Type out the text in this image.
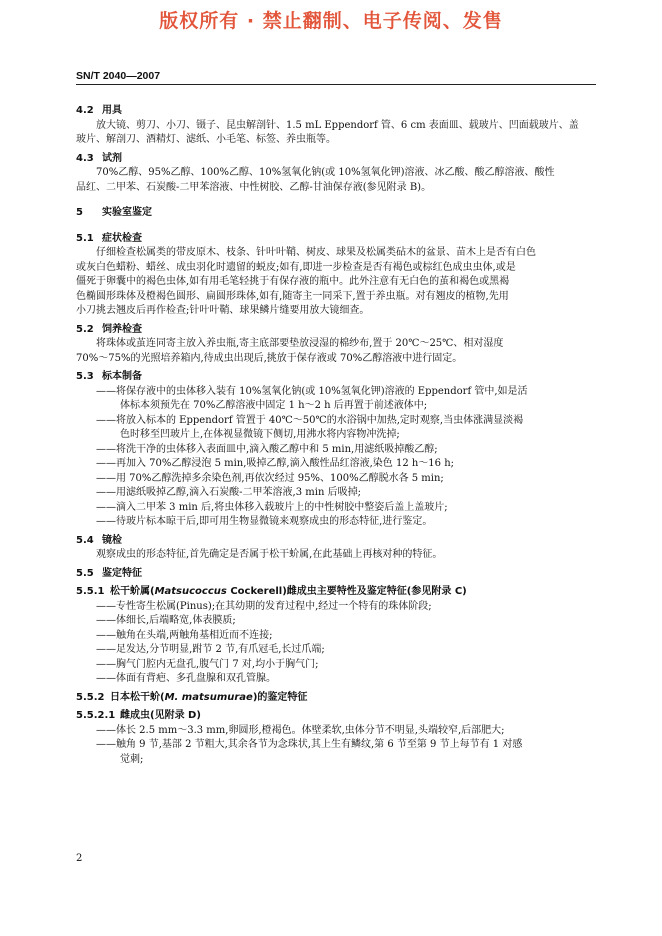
版权所有 · 禁止翻制、电子传阅、发售
SN/T 2040—2007
4.2 用具

放大镜、剪刀、小刀、镊子、昆虫解剖针、1.5 mL Eppendorf 管、6 cm 表面皿、载玻片、凹面载玻片、盖

玻片、解剖刀、酒精灯、滤纸、小毛笔、标签、养虫瓶等。

4.3 试剂

70%乙醇、95%乙醇、100%乙醇、10%氢氧化钠(或 10%氢氧化钾)溶液、冰乙酸、酸乙醇溶液、酸性

品红、二甲苯、石炭酸-二甲苯溶液、中性树胶、乙醇-甘油保存液(参见附录 B)。

5 实验室鉴定
5.1 症状检查

仔细检查松属类的带皮原木、枝条、针叶叶鞘、树皮、球果及松属类砧木的盆景、苗木上是否有白色

或灰白色蜡粉、蜡丝、成虫羽化时遗留的蜕皮;如有,即进一步检查是否有褐色或棕红色成虫虫体,或是

僵死于卵囊中的褐色虫体,如有用毛笔轻挑于有保存液的瓶中。此外注意有无白色的茧和褐色或黑褐

色椭圆形珠体及橙褐色圆形、扁圆形珠体,如有,随寄主一同采下,置于养虫瓶。对有翘皮的植物,先用

小刀挑去翘皮后再作检查;针叶叶鞘、球果鳞片缝要用放大镜细查。

5.2 饲养检查

将珠体或茧连同寄主放入养虫瓶,寄主底部要垫放浸湿的棉纱布,置于 20℃～25℃、相对湿度

70%～75%的光照培养箱内,待成虫出现后,挑放于保存液或 70%乙醇溶液中进行固定。

5.3 标本制备
——将保存液中的虫体移入装有 10%氢氧化钠(或 10%氢氧化钾)溶液的 Eppendorf 管中,如是活
体标本须预先在 70%乙醇溶液中固定 1 h～2 h 后再置于前述液体中;
——将放入标本的 Eppendorf 管置于 40℃～50℃的水浴锅中加热,定时观察,当虫体涨满显淡褐
色时移至凹玻片上,在体视显微镜下侧切,用沸水将内容物冲洗掉;
——将洗干净的虫体移入表面皿中,滴入酸乙醇中和 5 min,用滤纸吸掉酸乙醇;
——再加入 70%乙醇浸泡 5 min,吸掉乙醇,滴入酸性品红溶液,染色 12 h～16 h;
——用 70%乙醇洗掉多余染色剂,再依次经过 95%、100%乙醇脱水各 5 min;
——用滤纸吸掉乙醇,滴入石炭酸-二甲苯溶液,3 min 后吸掉;
——滴入二甲苯 3 min 后,将虫体移入载玻片上的中性树胶中整姿后盖上盖玻片;
——待玻片标本晾干后,即可用生物显微镜来观察成虫的形态特征,进行鉴定。
5.4 镜检

观察成虫的形态特征,首先确定是否属于松干蚧属,在此基础上再核对种的特征。

5.5 鉴定特征
5.5.1 松干蚧属(Matsucoccus Cockerell)雌成虫主要特性及鉴定特征(参见附录 C)
——专性寄生松属(Pinus);在其幼期的发育过程中,经过一个特有的珠体阶段;
——体细长,后端略宽,体表膜质;
——触角在头端,两触角基相近而不连接;
——足发达,分节明显,跗节 2 节,有爪冠毛,长过爪端;
——胸气门腔内无盘孔,腹气门 7 对,均小于胸气门;
——体面有背疤、多孔盘腺和双孔管腺。
5.5.2 日本松干蚧(M. matsumurae)的鉴定特征
5.5.2.1 雌成虫(见附录 D)
——体长 2.5 mm～3.3 mm,卵圆形,橙褐色。体壁柔软,虫体分节不明显,头端较窄,后部肥大;
——触角 9 节,基部 2 节粗大,其余各节为念珠状,其上生有鳞纹,第 6 节至第 9 节上每节有 1 对感
觉刺;
2
